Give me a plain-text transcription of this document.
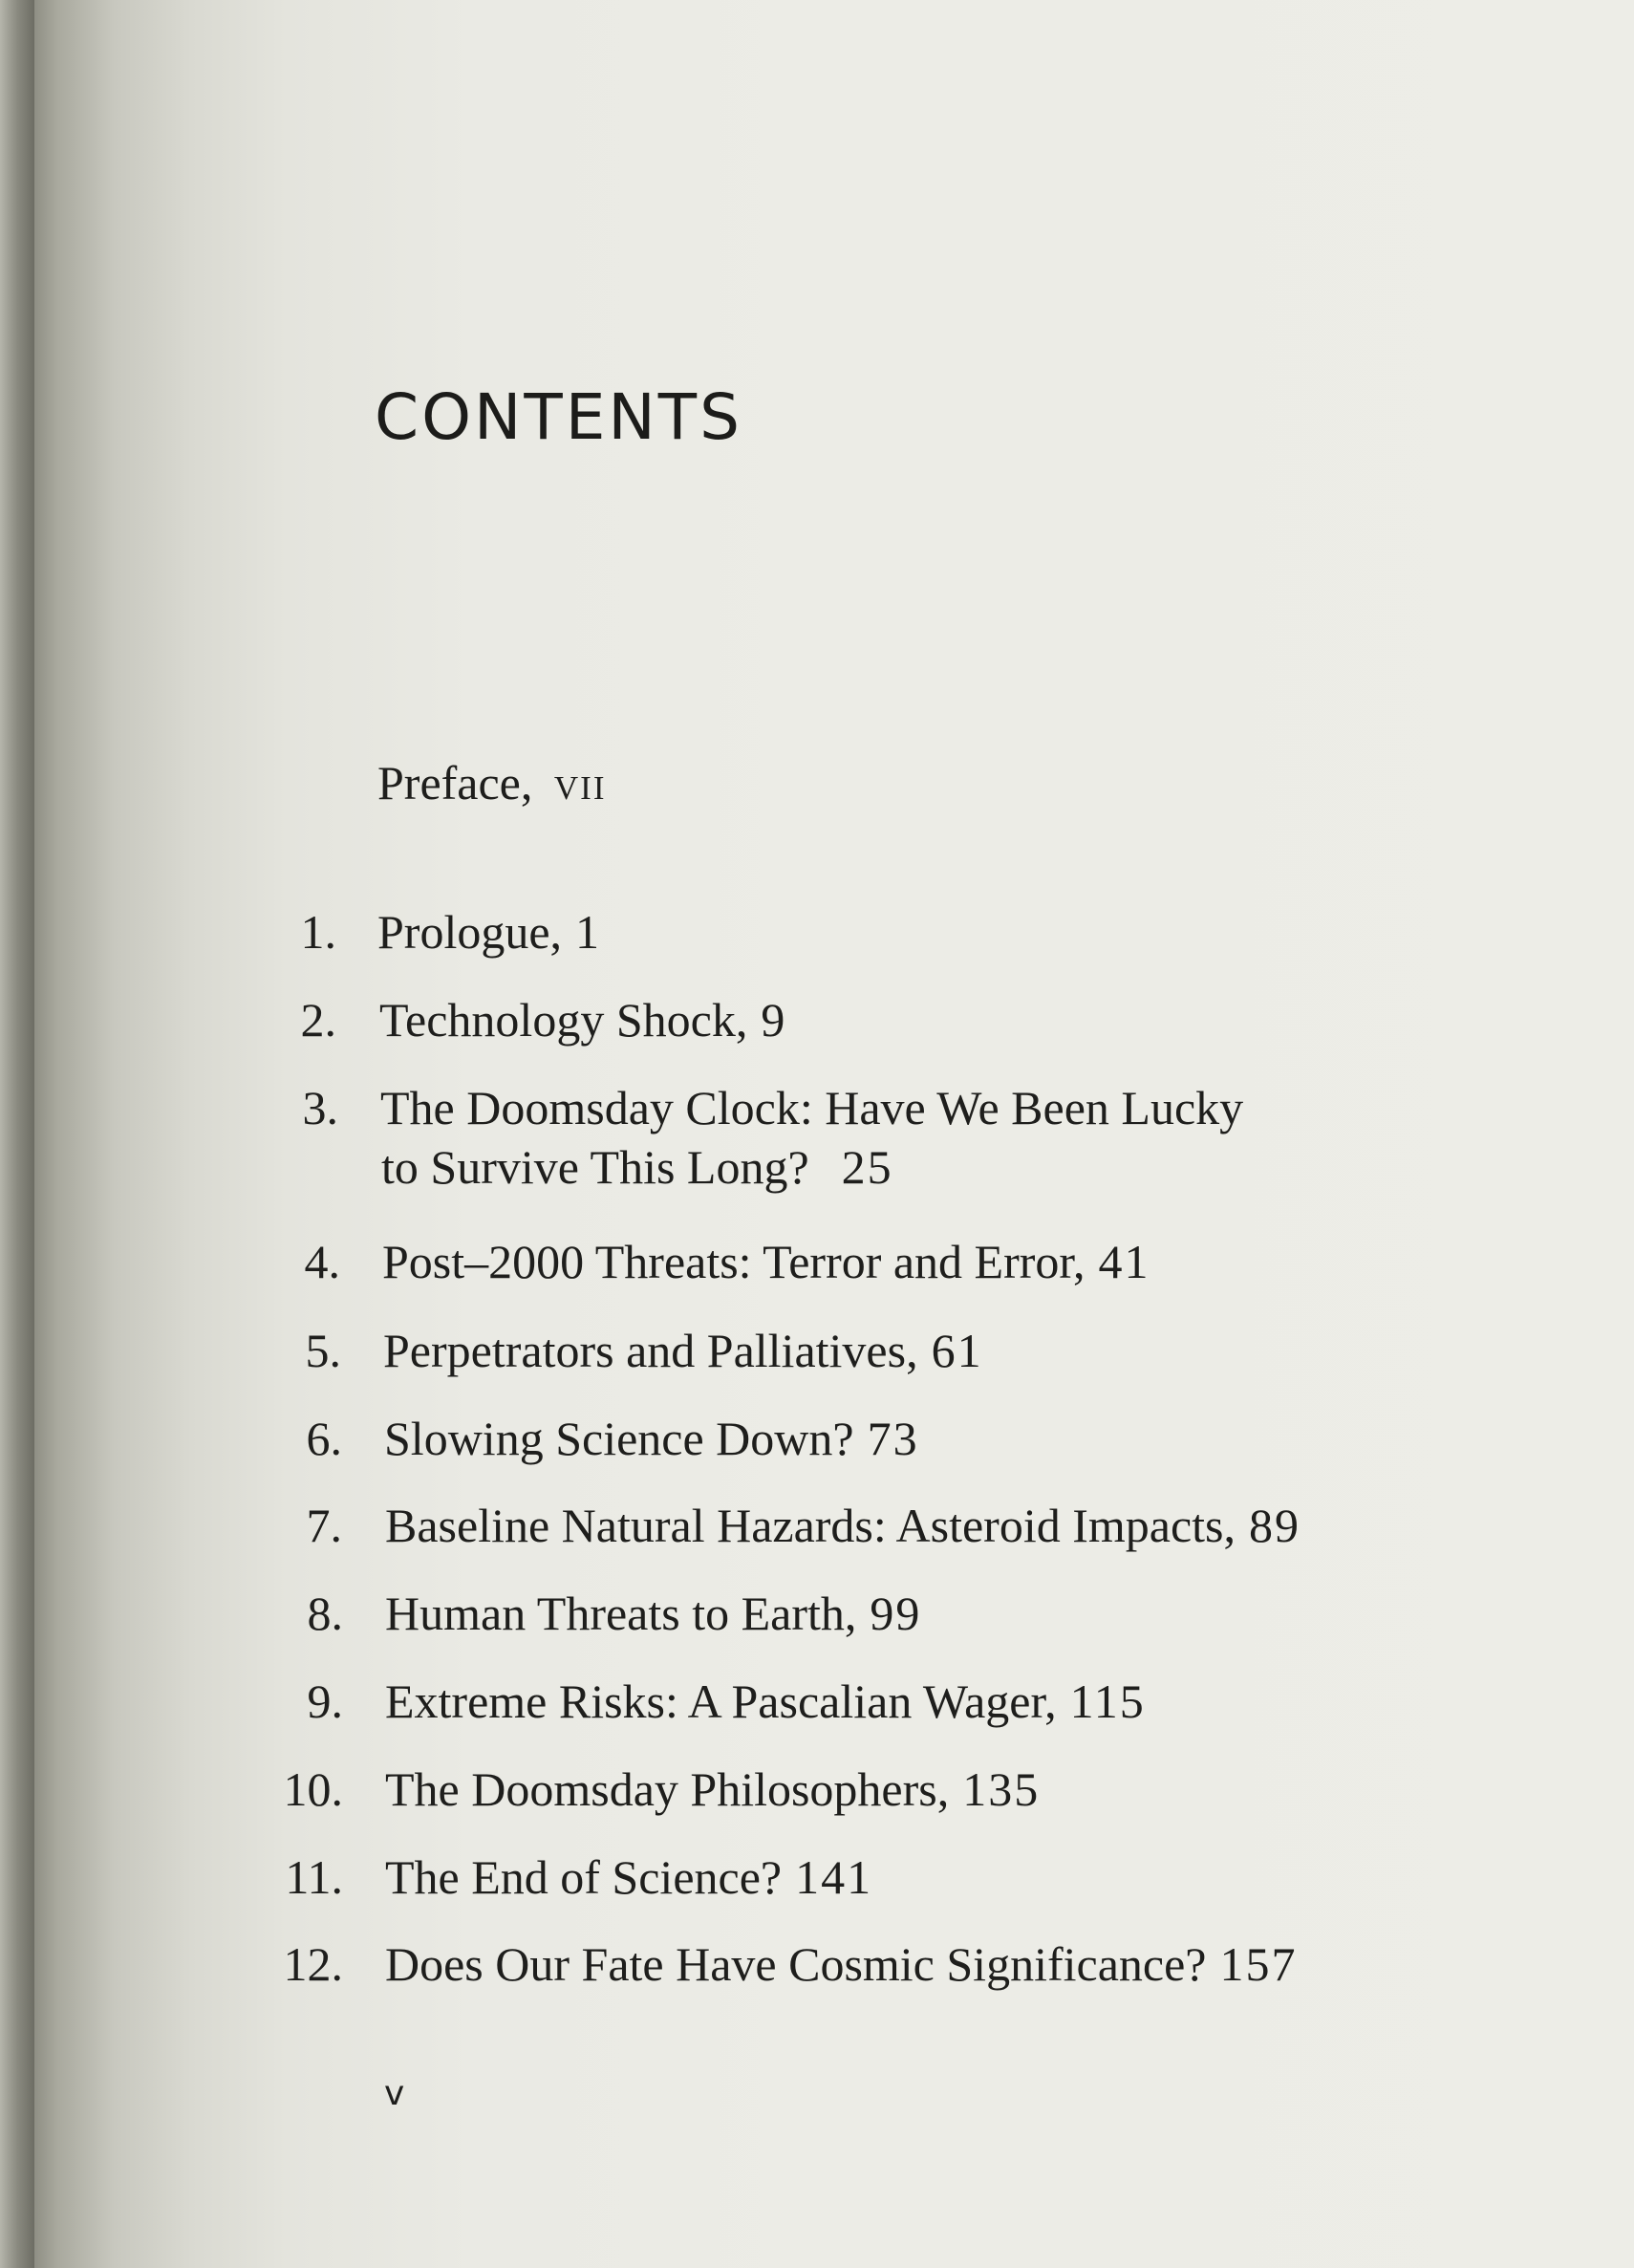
CONTENTS
Preface, vii
1. Prologue, 1
2. Technology Shock, 9
3. The Doomsday Clock: Have We Been Lucky
to Survive This Long? 25
4. Post–2000 Threats: Terror and Error, 41
5. Perpetrators and Palliatives, 61
6. Slowing Science Down? 73
7. Baseline Natural Hazards: Asteroid Impacts, 89
8. Human Threats to Earth, 99
9. Extreme Risks: A Pascalian Wager, 115
10. The Doomsday Philosophers, 135
11. The End of Science? 141
12. Does Our Fate Have Cosmic Significance? 157
v
